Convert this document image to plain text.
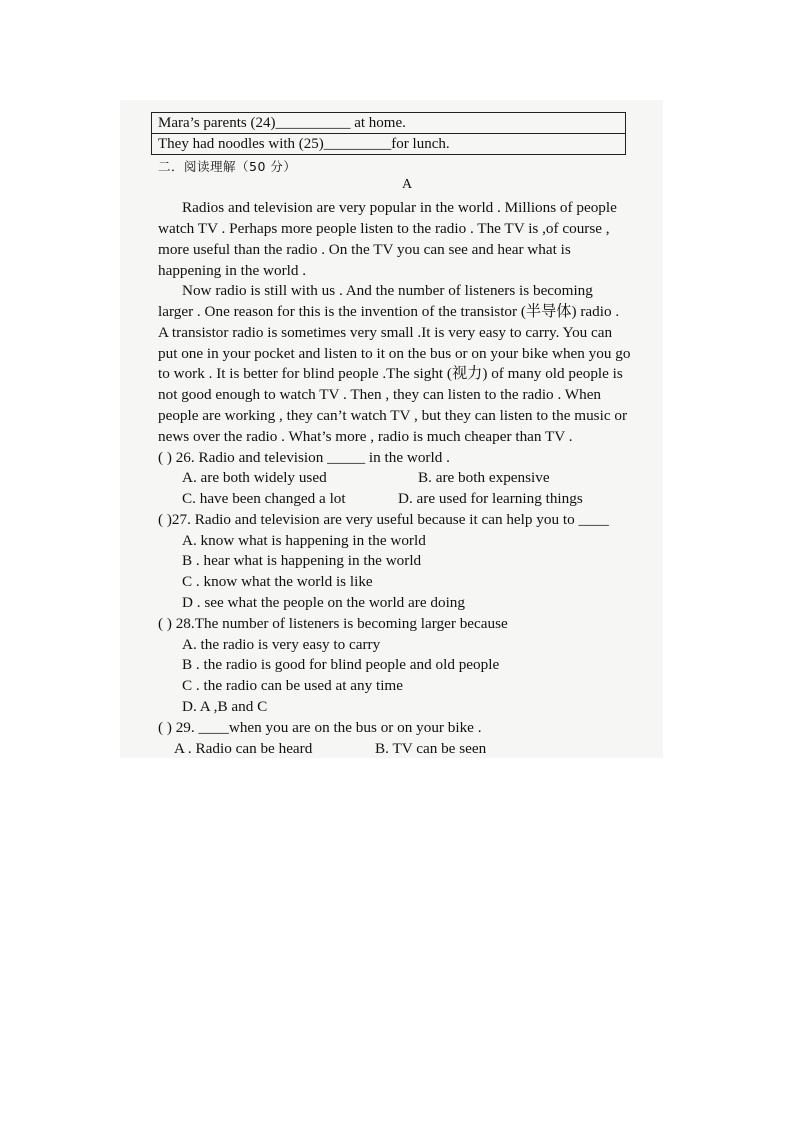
Mara’s parents (24)__________ at home.
They had noodles with (25)_________for lunch.
二．阅读理解（50 分）
A
Radios and television are very popular in the world . Millions of people
watch TV . Perhaps more people listen to the radio . The TV is ,of course ,
more useful than the radio . On the TV you can see and hear what is
happening in the world .
Now radio is still with us . And the number of listeners is becoming
larger . One reason for this is the invention of the transistor (半导体) radio .
A transistor radio is sometimes very small .It is very easy to carry. You can
put one in your pocket and listen to it on the bus or on your bike when you go
to work . It is better for blind people .The sight (视力) of many old people is
not good enough to watch TV . Then , they can listen to the radio . When
people are working , they can’t watch TV , but they can listen to the music or
news over the radio . What’s more , radio is much cheaper than TV .
( ) 26. Radio and television _____ in the world .
A. are both widely used	B. are both expensive
C. have been changed a lot	D. are used for learning things
( )27. Radio and television are very useful because it can help you to ____
A. know what is happening in the world
B . hear what is happening in the world
C . know what the world is like
D . see what the people on the world are doing
( ) 28.The number of listeners is becoming larger because
A. the radio is very easy to carry
B . the radio is good for blind people and old people
C . the radio can be used at any time
D. A ,B and C
( ) 29. ____when you are on the bus or on your bike .
A . Radio can be heard	B. TV can be seen
